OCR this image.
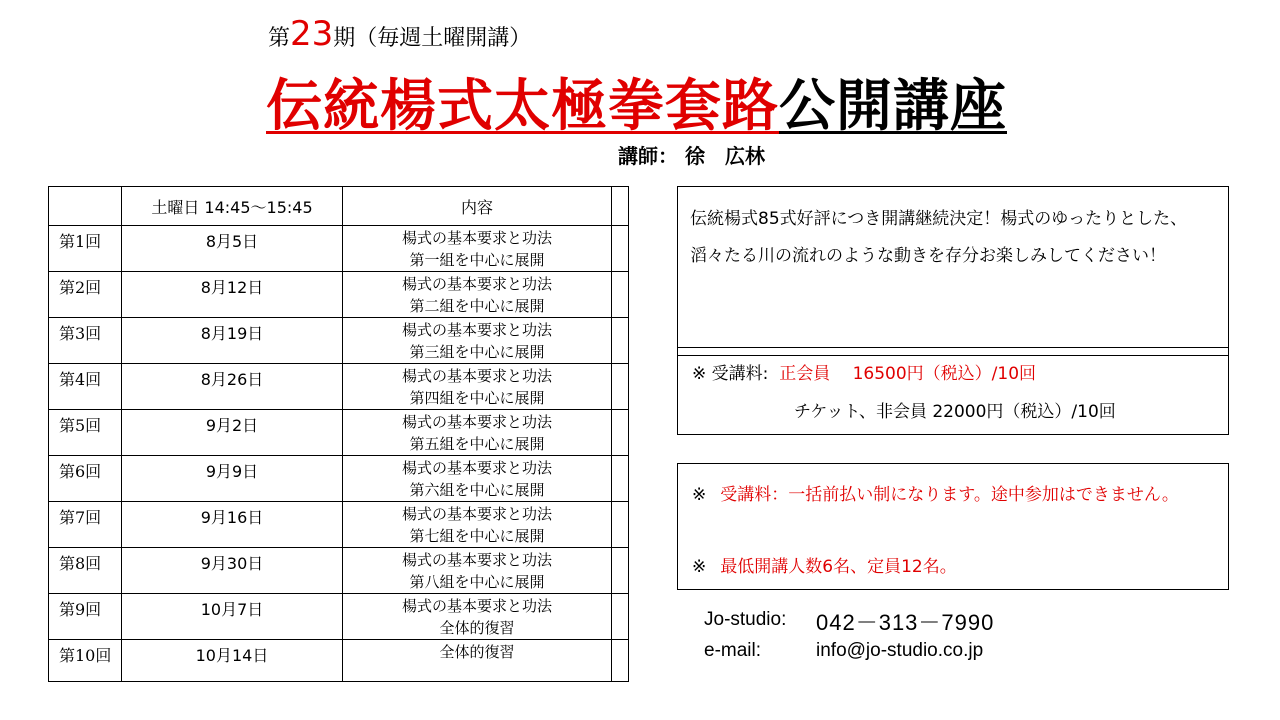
第23期（毎週土曜開講）
伝統楊式太極拳套路公開講座
講師： 徐　広林
	土曜日 14:45～15:45	内容	
第1回	8月5日	楊式の基本要求と功法
第一組を中心に展開	

第2回	8月12日	楊式の基本要求と功法
第二組を中心に展開	

第3回	8月19日	楊式の基本要求と功法
第三組を中心に展開	

第4回	8月26日	楊式の基本要求と功法
第四組を中心に展開	

第5回	9月2日	楊式の基本要求と功法
第五組を中心に展開	

第6回	9月9日	楊式の基本要求と功法
第六組を中心に展開	

第7回	9月16日	楊式の基本要求と功法
第七組を中心に展開	

第8回	9月30日	楊式の基本要求と功法
第八組を中心に展開	

第9回	10月7日	楊式の基本要求と功法
全体的復習	

第10回	10月14日	全体的復習	

伝統楊式85式好評につき開講継続決定！楊式のゆったりとした、滔々たる川の流れのような動きを存分お楽しみしてください！
※ 受講料: 正会員　 16500円（税込）/10回
チケット、非会員 22000円（税込）/10回
※ 受講料：一括前払い制になります。途中参加はできません。
※ 最低開講人数6名、定員12名。
Jo-studio: 042－313－7990
e-mail:	info@jo-studio.co.jp
